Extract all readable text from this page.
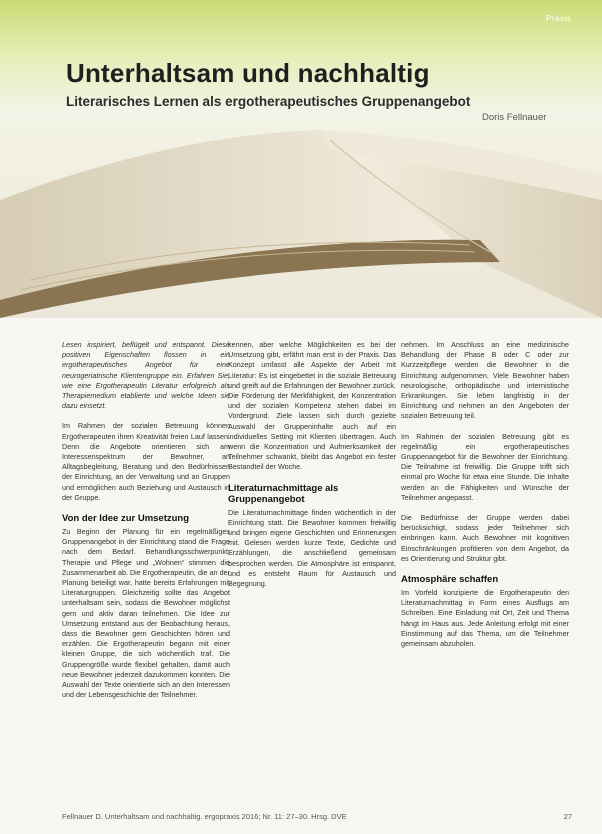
Praxis
Unterhaltsam und nachhaltig
Literarisches Lernen als ergotherapeutisches Gruppenangebot
Doris Fellnauer

Lesen inspiriert, beflügelt und entspannt. Diese positiven Eigenschaften flossen in ein ergotherapeutisches Angebot für eine neurogeriatrische Klientengruppe ein. Erfahren Sie, wie eine Ergotherapeutin Literatur erfolgreich als Therapiemedium etablierte und welche Ideen sie dazu einsetzt.

Im Rahmen der sozialen Betreuung können Ergotherapeuten ihren Kreativität freien Lauf lassen. Denn die Angebote orientieren sich am Interessenspektrum der Bewohner, an Alltagsbegleitung, Beratung und den Bedürfnissen der Einrichtung, an der Verwaltung und an Gruppen und ermöglichen auch Beziehung und Austausch in der Gruppe.

Von der Idee zur Umsetzung

Zu Beginn der Planung für ein regelmäßiges Gruppenangebot in der Einrichtung stand die Frage nach dem Bedarf. Behandlungsschwerpunkt, Therapie und Pflege und „Wohnen“ stimmen die Zusammenarbeit ab. Die Ergotherapeutin, die an der Planung beteiligt war, hatte bereits Erfahrungen mit Literaturgruppen. Gleichzeitig sollte das Angebot unterhaltsam sein, sodass die Bewohner möglichst gern und aktiv daran teilnehmen. Die Idee zur Umsetzung entstand aus der Beobachtung heraus, dass die Bewohner gern Geschichten hören und erzählen. Die Ergotherapeutin begann mit einer kleinen Gruppe, die sich wöchentlich traf. Die Gruppengröße wurde flexibel gehalten, damit auch neue Bewohner jederzeit dazukommen konnten. Die Auswahl der Texte orientierte sich an den Interessen und der Lebensgeschichte der Teilnehmer.

kennen, aber welche Möglichkeiten es bei der Umsetzung gibt, erfährt man erst in der Praxis. Das Konzept umfasst alle Aspekte der Arbeit mit Literatur: Es ist eingebettet in die soziale Betreuung und greift auf die Erfahrungen der Bewohner zurück. Die Förderung der Merkfähigkeit, der Konzentration und der sozialen Kompetenz stehen dabei im Vordergrund. Ziele lassen sich durch gezielte Auswahl der Gruppeninhalte auch auf ein individuelles Setting mit Klienten übertragen. Auch wenn die Konzentration und Aufmerksamkeit der Teilnehmer schwankt, bleibt das Angebot ein fester Bestandteil der Woche.

Literaturnachmittage als Gruppenangebot

Die Literaturnachmittage finden wöchentlich in der Einrichtung statt. Die Bewohner kommen freiwillig und bringen eigene Geschichten und Erinnerungen mit. Gelesen werden kurze Texte, Gedichte und Erzählungen, die anschließend gemeinsam besprochen werden. Die Atmosphäre ist entspannt, und es entsteht Raum für Austausch und Begegnung.

nehmen. Im Anschluss an eine medizinische Behandlung der Phase B oder C oder zur Kurzzeitpflege werden die Bewohner in die Einrichtung aufgenommen. Viele Bewohner haben neurologische, orthopädische und internistische Erkrankungen. Sie leben langfristig in der Einrichtung und nehmen an den Angeboten der sozialen Betreuung teil.

Im Rahmen der sozialen Betreuung gibt es regelmäßig ein ergotherapeutisches Gruppenangebot für die Bewohner der Einrichtung. Die Teilnahme ist freiwillig. Die Gruppe trifft sich einmal pro Woche für etwa eine Stunde. Die Inhalte werden an die Fähigkeiten und Wünsche der Teilnehmer angepasst.

Die Bedürfnisse der Gruppe werden dabei berücksichtigt, sodass jeder Teilnehmer sich einbringen kann. Auch Bewohner mit kognitiven Einschränkungen profitieren von dem Angebot, da es Orientierung und Struktur gibt.

Atmosphäre schaffen

Im Vorfeld konzipierte die Ergotherapeutin den Literaturnachmittag in Form eines Ausflugs am Schreiben. Eine Einladung mit Ort, Zeit und Thema hängt im Haus aus. Jede Anleitung erfolgt mit einer Einstimmung auf das Thema, um die Teilnehmer gemeinsam abzuholen.

Fellnauer D. Unterhaltsam und nachhaltig. ergopraxis 2016; Nr. 11: 27–30. Hrsg. DVE	27
